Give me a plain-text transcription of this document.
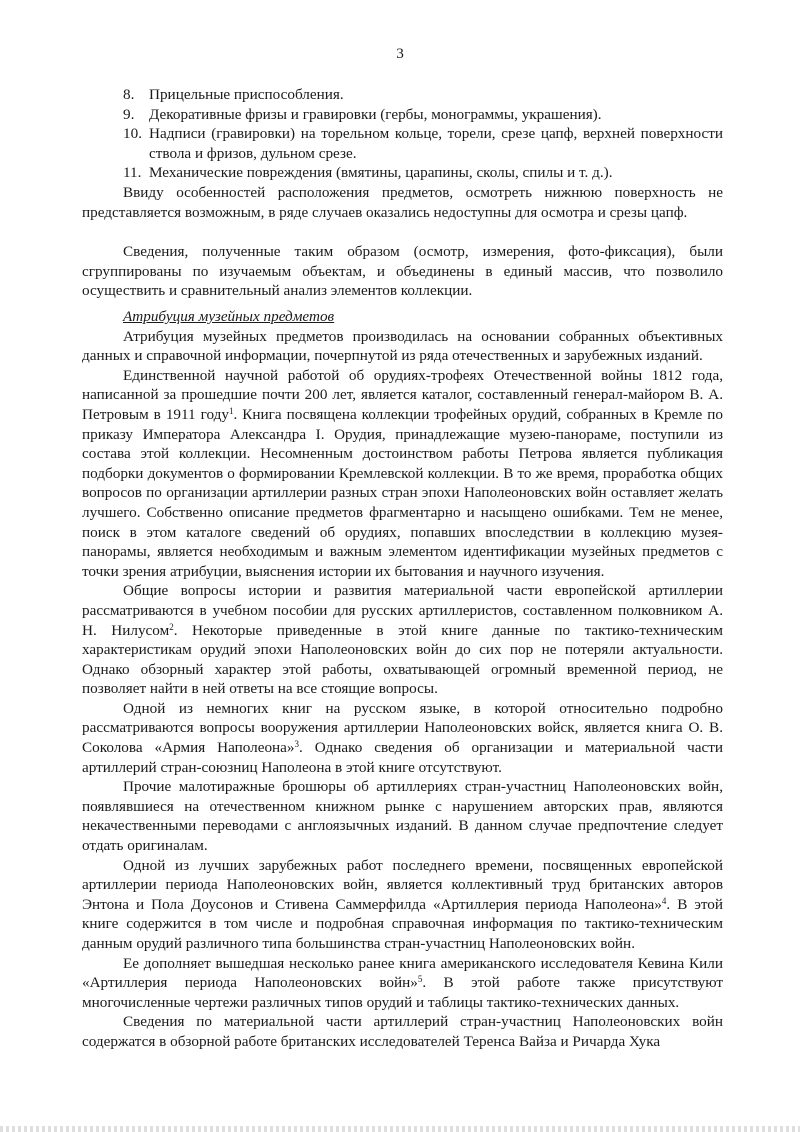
3
8. Прицельные приспособления.
9. Декоративные фризы и гравировки (гербы, монограммы, украшения).
10. Надписи (гравировки) на торельном кольце, торели, срезе цапф, верхней поверхности ствола и фризов, дульном срезе.
11. Механические повреждения (вмятины, царапины, сколы, спилы и т. д.).

Ввиду особенностей расположения предметов, осмотреть нижнюю поверхность не представляется возможным, в ряде случаев оказались недоступны для осмотра и срезы цапф.

Сведения, полученные таким образом (осмотр, измерения, фото-фиксация), были сгруппированы по изучаемым объектам, и объединены в единый массив, что позволило осуществить и сравнительный анализ элементов коллекции.

Атрибуция музейных предметов

Атрибуция музейных предметов производилась на основании собранных объективных данных и справочной информации, почерпнутой из ряда отечественных и зарубежных изданий.

Единственной научной работой об орудиях-трофеях Отечественной войны 1812 года, написанной за прошедшие почти 200 лет, является каталог, составленный генерал-майором В. А. Петровым в 1911 году$^1$. Книга посвящена коллекции трофейных орудий, собранных в Кремле по приказу Императора Александра I. Орудия, принадлежащие музею-панораме, поступили из состава этой коллекции. Несомненным достоинством работы Петрова является публикация подборки документов о формировании Кремлевской коллекции. В то же время, проработка общих вопросов по организации артиллерии разных стран эпохи Наполеоновских войн оставляет желать лучшего. Собственно описание предметов фрагментарно и насыщено ошибками. Тем не менее, поиск в этом каталоге сведений об орудиях, попавших впоследствии в коллекцию музея-панорамы, является необходимым и важным элементом идентификации музейных предметов с точки зрения атрибуции, выяснения истории их бытования и научного изучения.

Общие вопросы истории и развития материальной части европейской артиллерии рассматриваются в учебном пособии для русских артиллеристов, составленном полковником А. Н. Нилусом$^2$. Некоторые приведенные в этой книге данные по тактико-техническим характеристикам орудий эпохи Наполеоновских войн до сих пор не потеряли актуальности. Однако обзорный характер этой работы, охватывающей огромный временной период, не позволяет найти в ней ответы на все стоящие вопросы.

Одной из немногих книг на русском языке, в которой относительно подробно рассматриваются вопросы вооружения артиллерии Наполеоновских войск, является книга О. В. Соколова «Армия Наполеона»$^3$. Однако сведения об организации и материальной части артиллерий стран-союзниц Наполеона в этой книге отсутствуют.

Прочие малотиражные брошюры об артиллериях стран-участниц Наполеоновских войн, появлявшиеся на отечественном книжном рынке с нарушением авторских прав, являются некачественными переводами с англоязычных изданий. В данном случае предпочтение следует отдать оригиналам.

Одной из лучших зарубежных работ последнего времени, посвященных европейской артиллерии периода Наполеоновских войн, является коллективный труд британских авторов Энтона и Пола Доусонов и Стивена Саммерфилда «Артиллерия периода Наполеона»$^4$. В этой книге содержится в том числе и подробная справочная информация по тактико-техническим данным орудий различного типа большинства стран-участниц Наполеоновских войн.

Ее дополняет вышедшая несколько ранее книга американского исследователя Кевина Кили «Артиллерия периода Наполеоновских войн»$^5$. В этой работе также присутствуют многочисленные чертежи различных типов орудий и таблицы тактико-технических данных.

Сведения по материальной части артиллерий стран-участниц Наполеоновских войн содержатся в обзорной работе британских исследователей Теренса Вайза и Ричарда Хука
